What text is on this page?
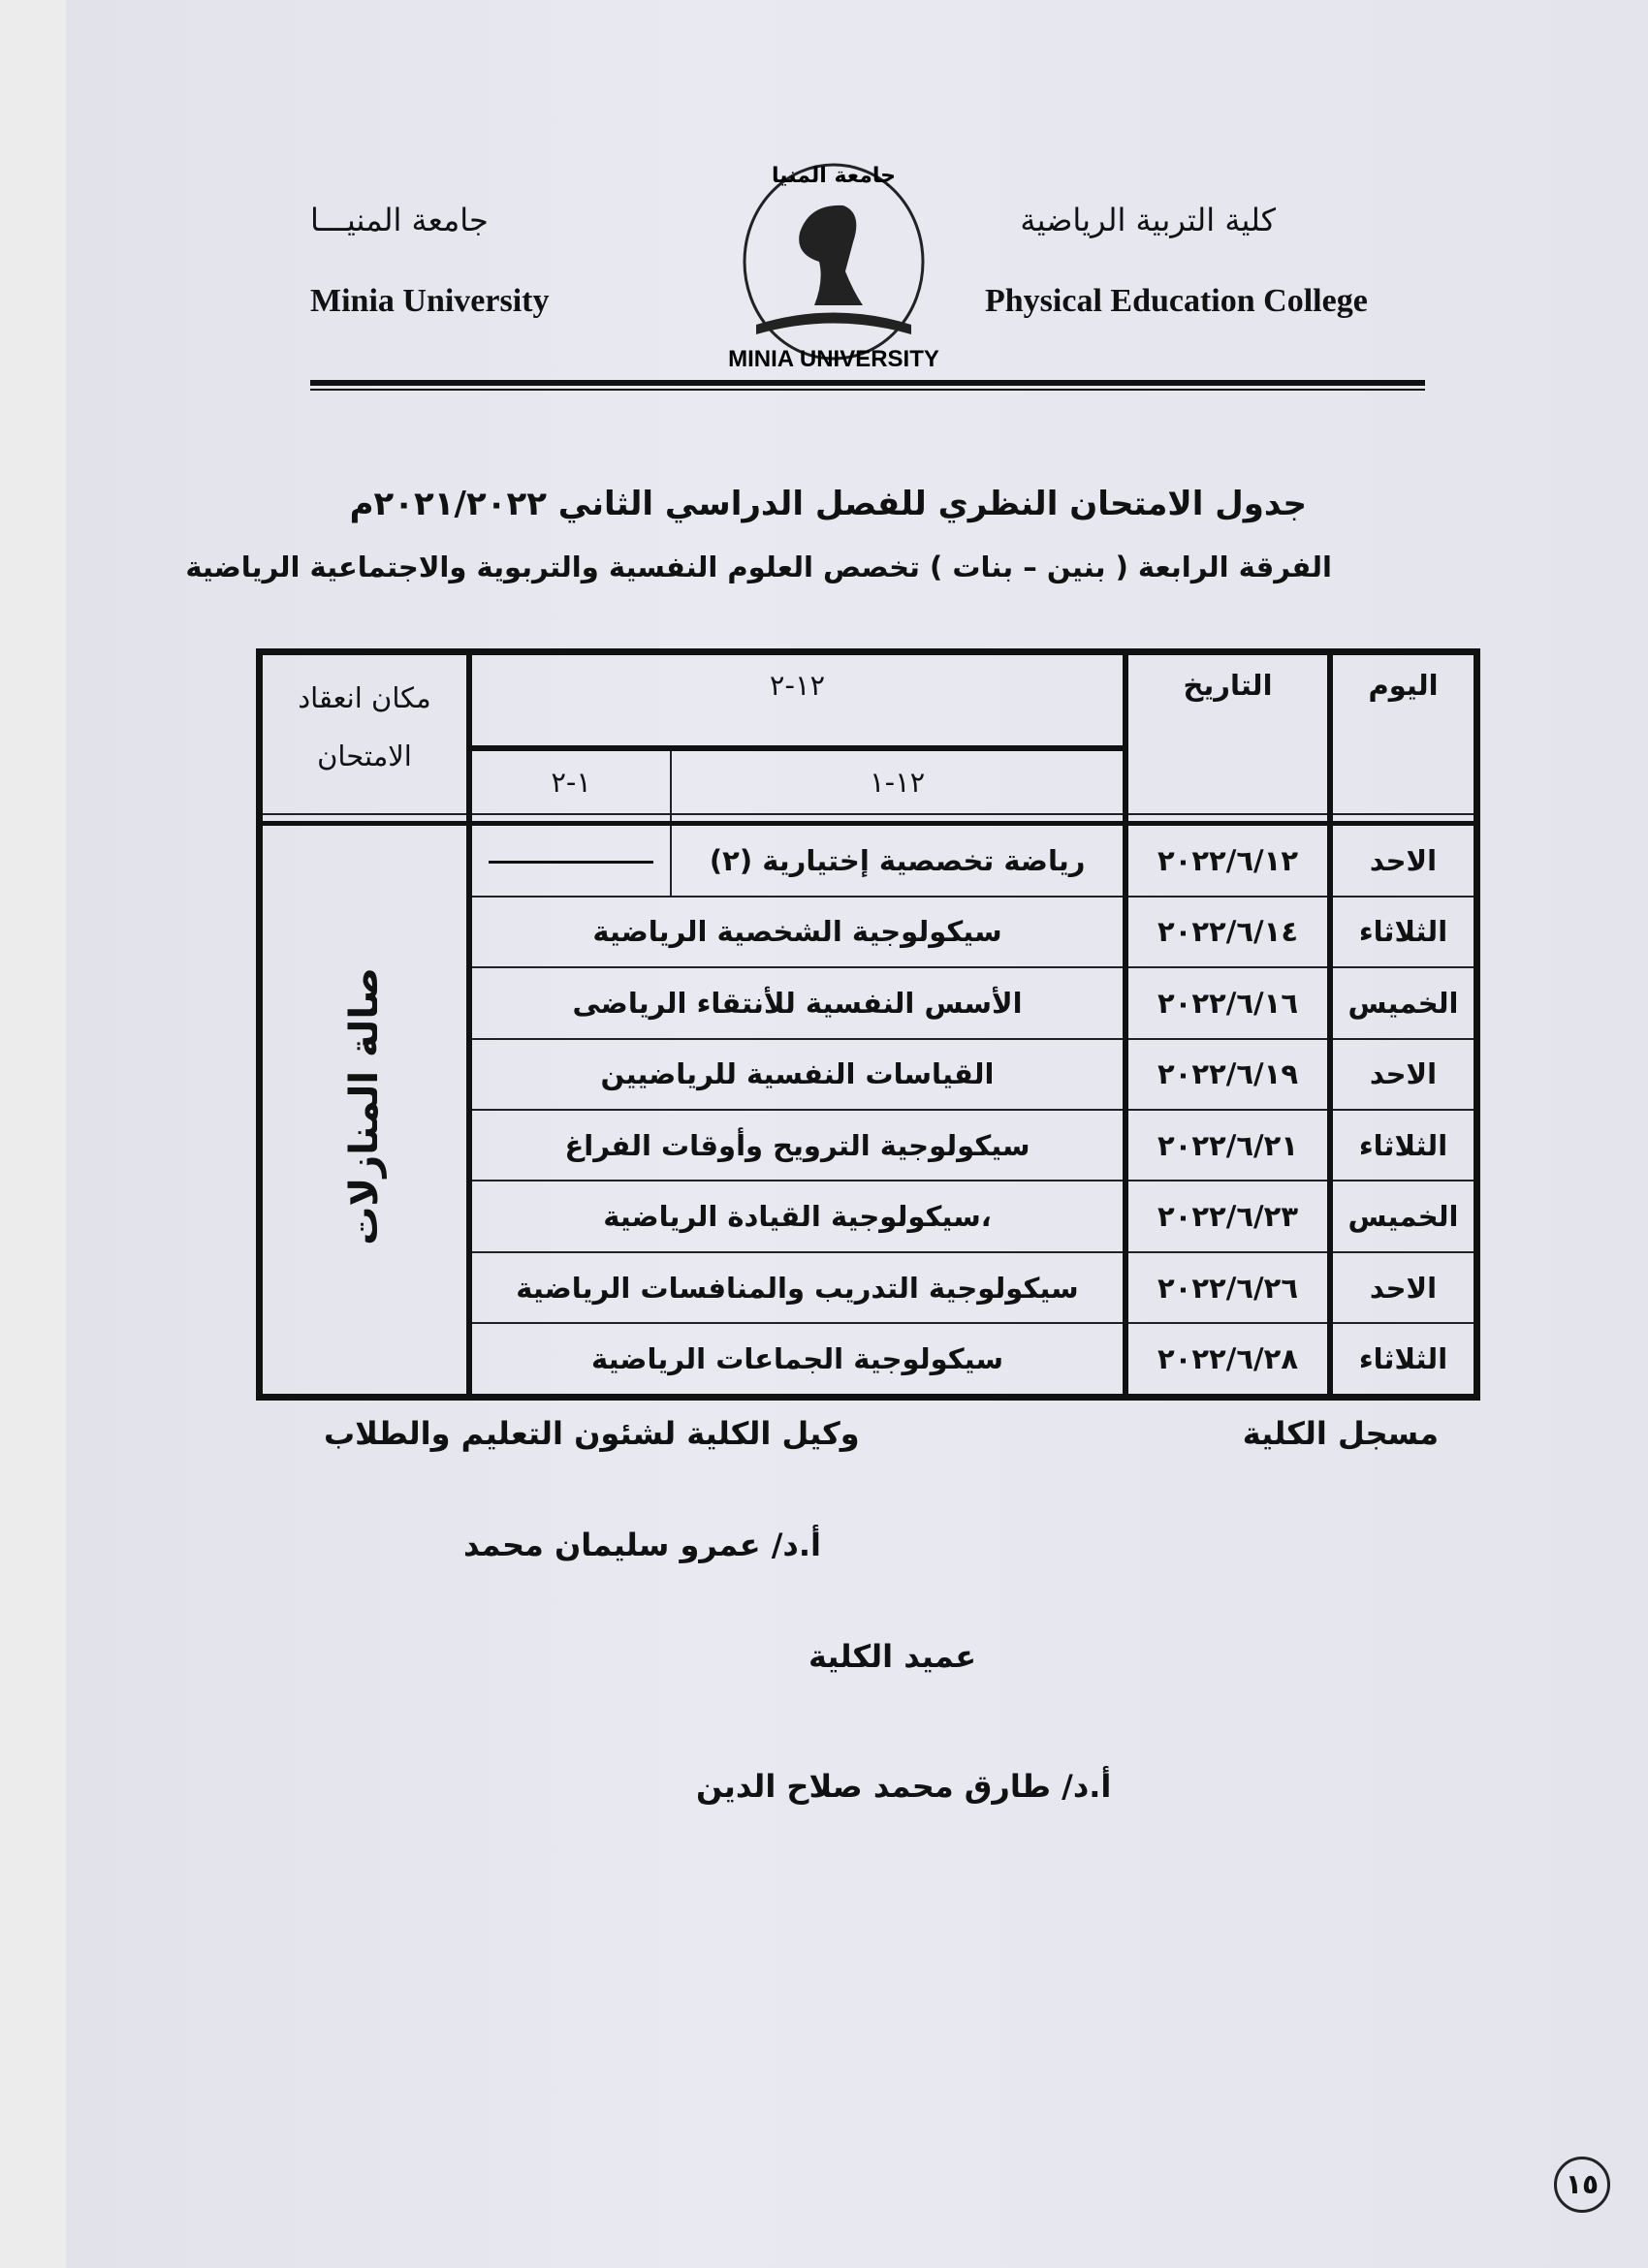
كلية التربية الرياضية
جامعة المنيـــا
Physical Education College
Minia University
جامعة المنيا
MINIA UNIVERSITY
جدول الامتحان النظري للفصل الدراسي الثاني ٢٠٢١/٢٠٢٢م
الفرقة الرابعة ( بنين – بنات ) تخصص العلوم النفسية والتربوية والاجتماعية الرياضية
اليوم	التاريخ	١٢-٢		مكان انعقاد الامتحان
		١٢-١	١-٢	

الاحد	٢٠٢٢/٦/١٢	رياضة تخصصية إختيارية (٢)		صالة المنازلات
الثلاثاء	٢٠٢٢/٦/١٤	سيكولوجية الشخصية الرياضية		
الخميس	٢٠٢٢/٦/١٦	الأسس النفسية للأنتقاء الرياضى		
الاحد	٢٠٢٢/٦/١٩	القياسات النفسية للرياضيين		
الثلاثاء	٢٠٢٢/٦/٢١	سيكولوجية الترويح وأوقات الفراغ		
الخميس	٢٠٢٢/٦/٢٣	،سيكولوجية القيادة الرياضية		
الاحد	٢٠٢٢/٦/٢٦	سيكولوجية التدريب والمنافسات الرياضية		
الثلاثاء	٢٠٢٢/٦/٢٨	سيكولوجية الجماعات الرياضية		
مسجل الكلية
وكيل الكلية لشئون التعليم والطلاب
أ.د/ عمرو سليمان محمد
عميد الكلية
أ.د/ طارق محمد صلاح الدين
١٥
